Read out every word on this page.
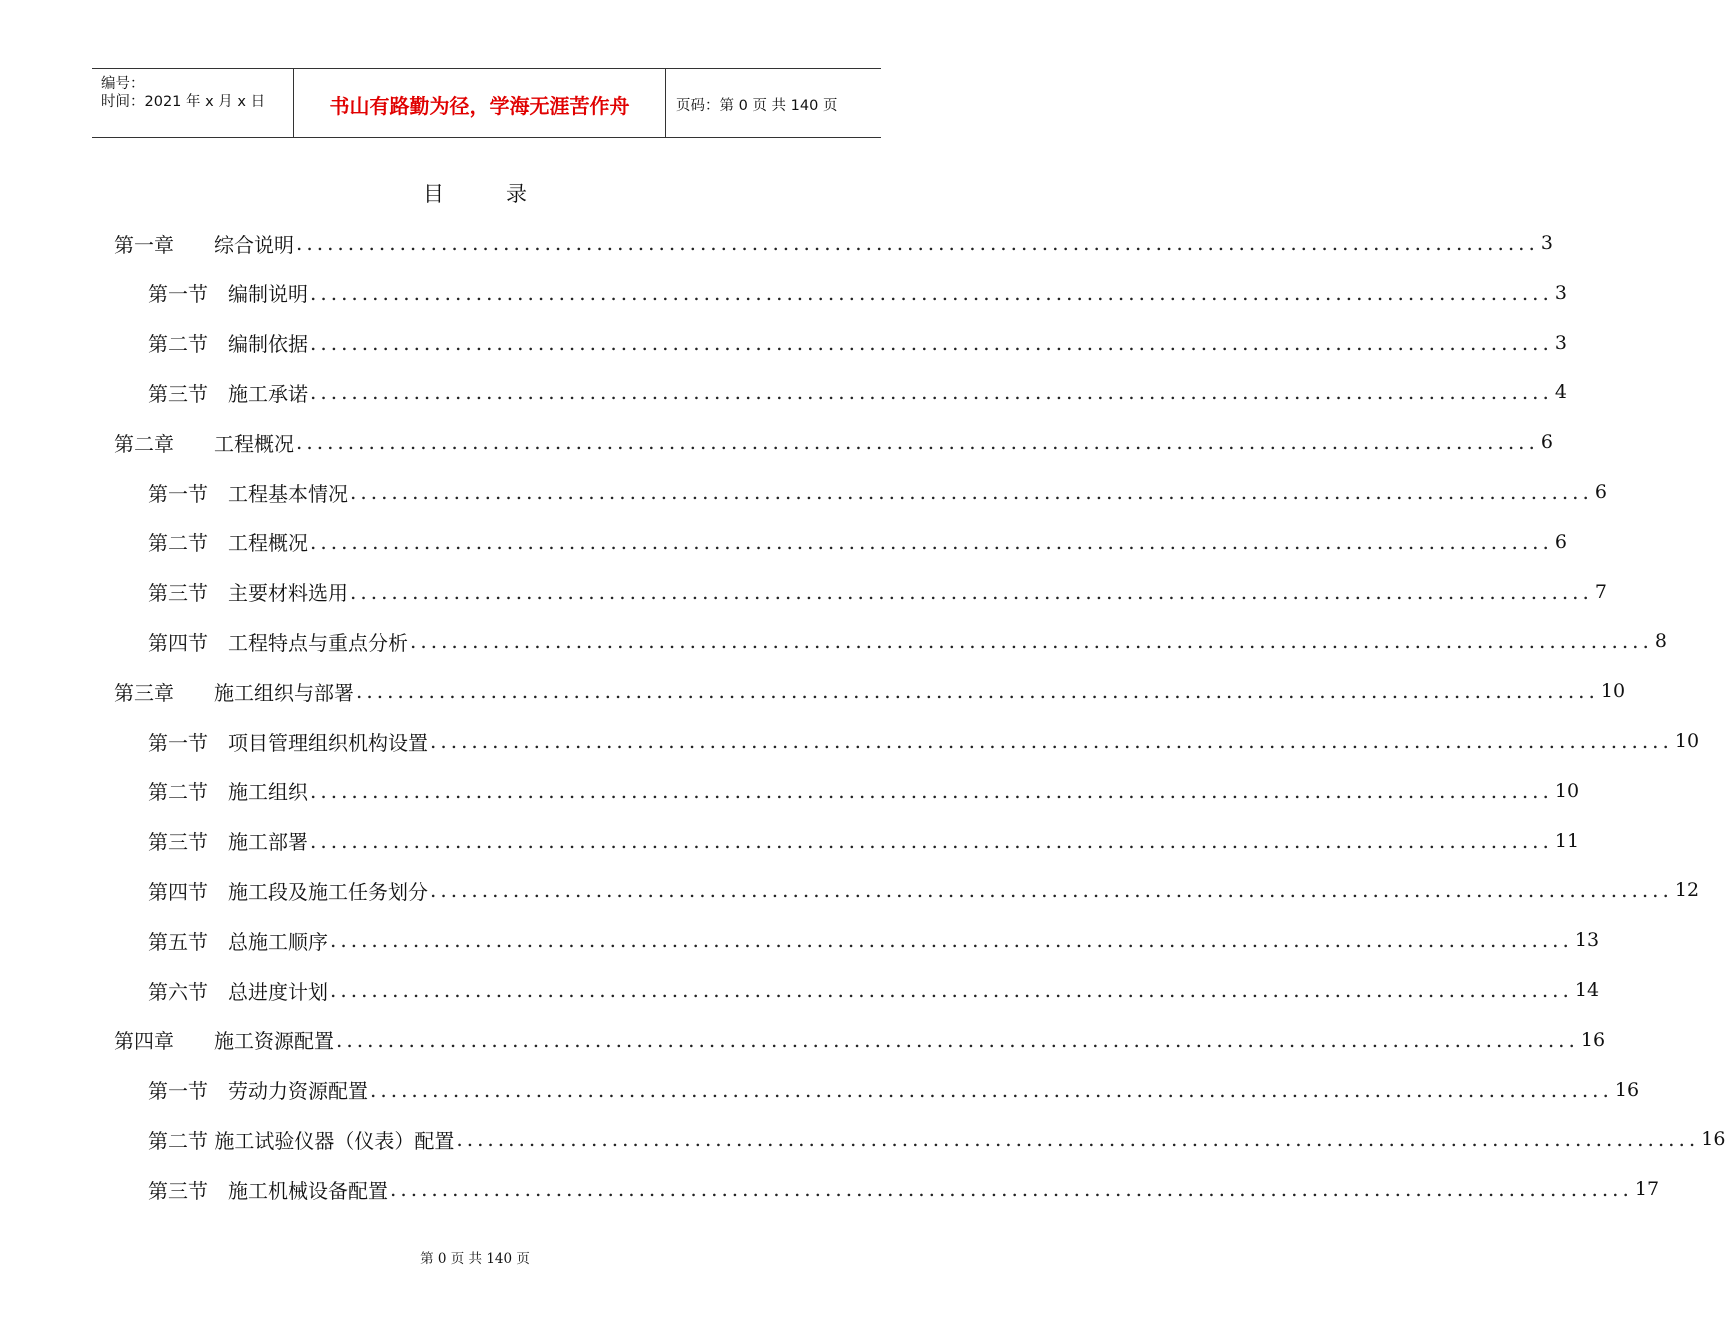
编号：
时间：2021 年 x 月 x 日	书山有路勤为径，学海无涯苦作舟	页码：第 0 页 共 140 页
目录
第一章　　综合说明 ........................................................................................................................ 3
第一节　编制说明 ........................................................................................................................ 3
第二节　编制依据 ........................................................................................................................ 3
第三节　施工承诺 ........................................................................................................................ 4
第二章　　工程概况 ........................................................................................................................ 6
第一节　工程基本情况 ........................................................................................................................ 6
第二节　工程概况 ........................................................................................................................ 6
第三节　主要材料选用 ........................................................................................................................ 7
第四节　工程特点与重点分析 ........................................................................................................................ 8
第三章　　施工组织与部署 ........................................................................................................................ 10
第一节　项目管理组织机构设置 ........................................................................................................................ 10
第二节　施工组织 ........................................................................................................................ 10
第三节　施工部署 ........................................................................................................................ 11
第四节　施工段及施工任务划分 ........................................................................................................................ 12
第五节　总施工顺序 ........................................................................................................................ 13
第六节　总进度计划 ........................................................................................................................ 14
第四章　　施工资源配置 ........................................................................................................................ 16
第一节　劳动力资源配置 ........................................................................................................................ 16
第二节 施工试验仪器（仪表）配置 ........................................................................................................................ 16
第三节　施工机械设备配置 ........................................................................................................................ 17
第 0 页 共 140 页
